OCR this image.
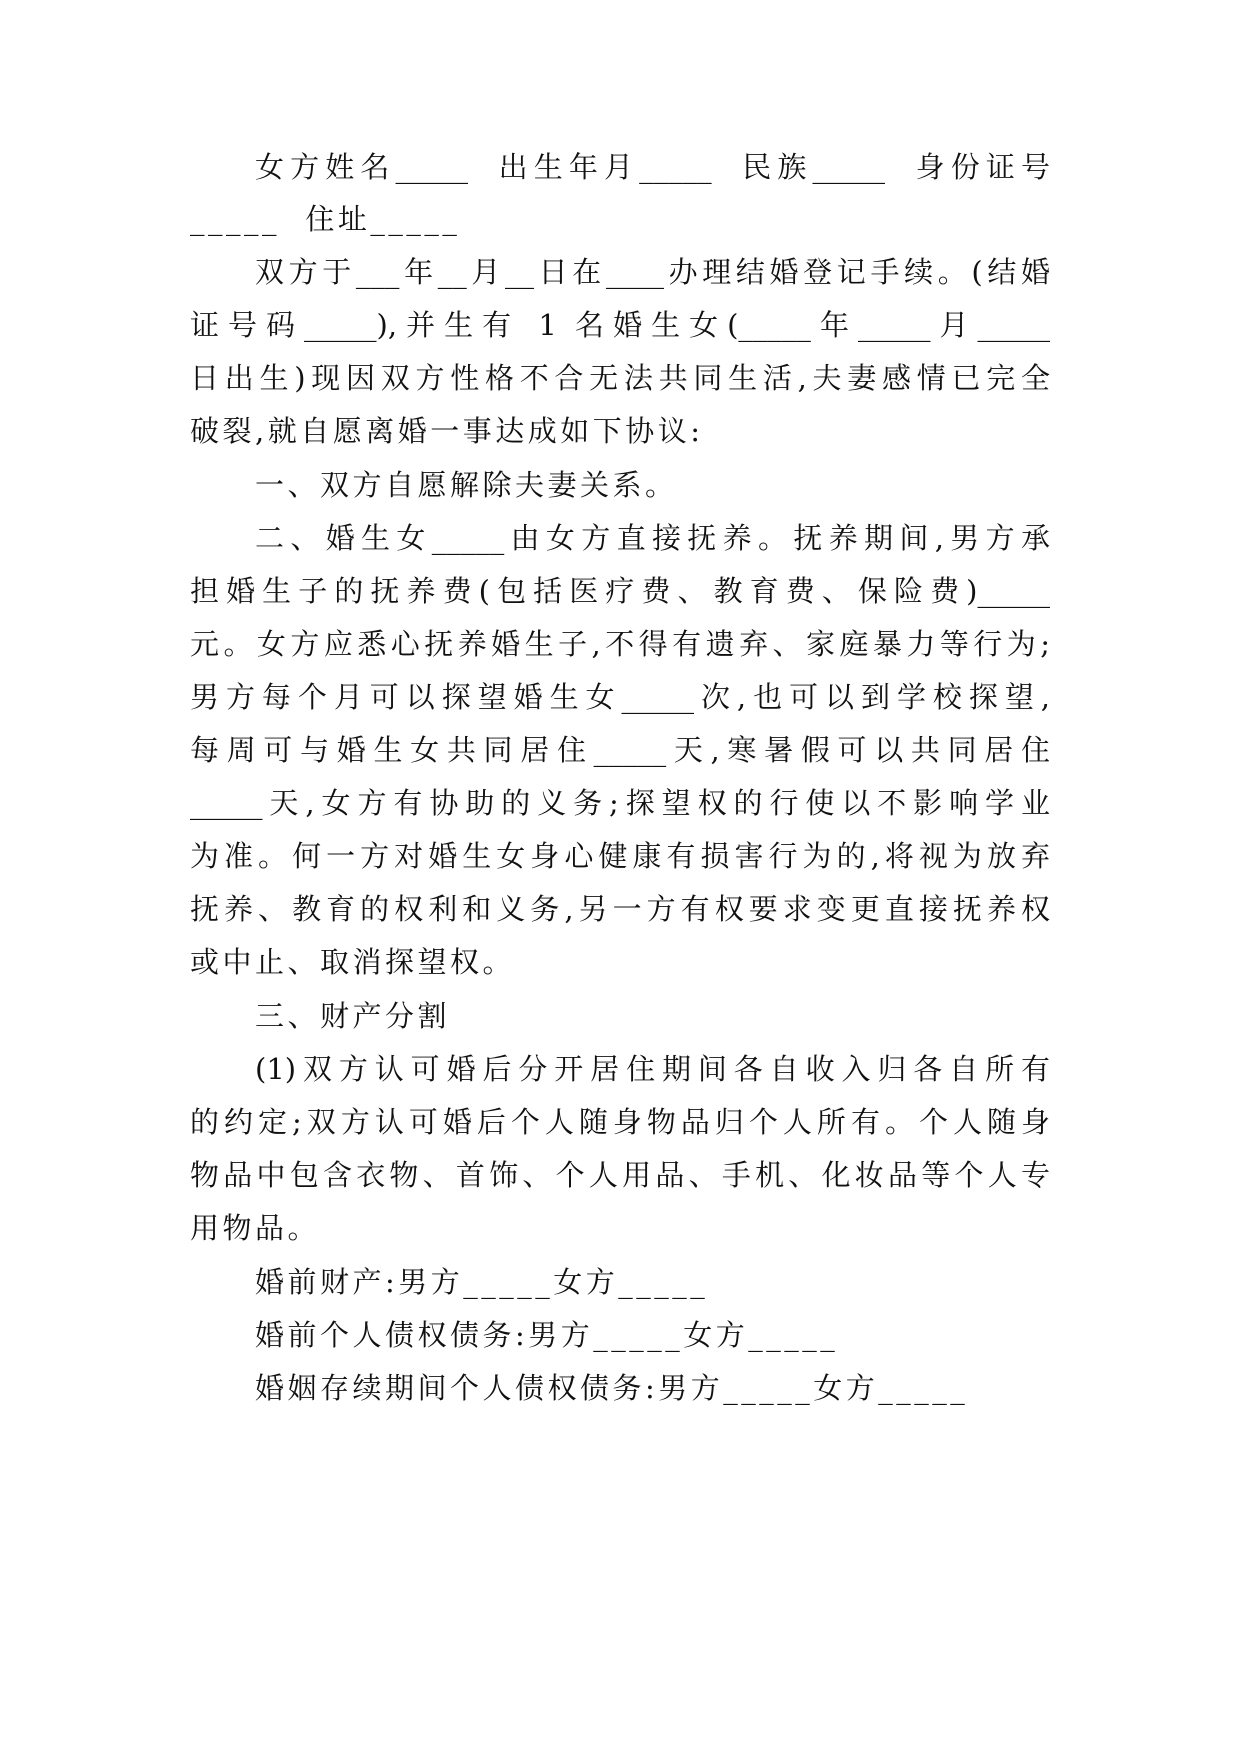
女方姓名_____  出生年月_____  民族_____  身份证号
_____  住址_____
双方于___年__月__日在____办理结婚登记手续。(结婚
证号码_____),并生有 1 名婚生女(_____年_____月_____
日出生)现因双方性格不合无法共同生活,夫妻感情已完全
破裂,就自愿离婚一事达成如下协议:
一、双方自愿解除夫妻关系。
二、婚生女_____由女方直接抚养。抚养期间,男方承
担婚生子的抚养费(包括医疗费、教育费、保险费)_____
元。女方应悉心抚养婚生子,不得有遗弃、家庭暴力等行为;
男方每个月可以探望婚生女_____次,也可以到学校探望,
每周可与婚生女共同居住_____天,寒暑假可以共同居住
_____天,女方有协助的义务;探望权的行使以不影响学业
为准。何一方对婚生女身心健康有损害行为的,将视为放弃
抚养、教育的权利和义务,另一方有权要求变更直接抚养权
或中止、取消探望权。
三、财产分割
(1)双方认可婚后分开居住期间各自收入归各自所有
的约定;双方认可婚后个人随身物品归个人所有。个人随身
物品中包含衣物、首饰、个人用品、手机、化妆品等个人专
用物品。
婚前财产:男方_____女方_____
婚前个人债权债务:男方_____女方_____
婚姻存续期间个人债权债务:男方_____女方_____
